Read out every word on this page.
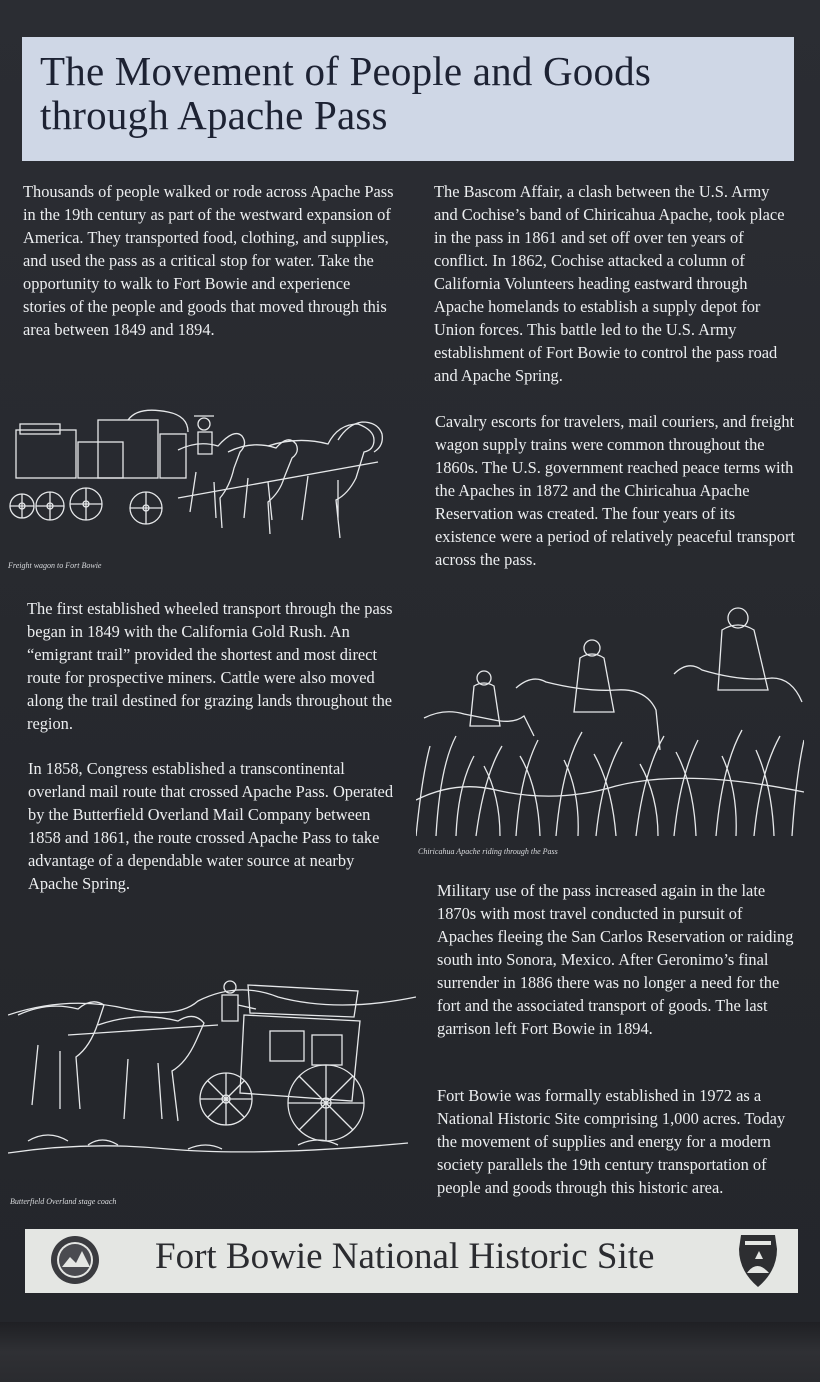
The Movement of People and Goods through Apache Pass

Thousands of people walked or rode across Apache Pass in the 19th century as part of the westward expansion of America. They transported food, clothing, and supplies, and used the pass as a critical stop for water. Take the opportunity to walk to Fort Bowie and experience stories of the people and goods that moved through this area between 1849 and 1894.

Freight wagon to Fort Bowie

The first established wheeled transport through the pass began in 1849 with the California Gold Rush. An “emigrant trail” provided the shortest and most direct route for prospective miners. Cattle were also moved along the trail destined for grazing lands throughout the region.

In 1858, Congress established a transcontinental overland mail route that crossed Apache Pass. Operated by the Butterfield Overland Mail Company between 1858 and 1861, the route crossed Apache Pass to take advantage of a dependable water source at nearby Apache Spring.

Butterfield Overland stage coach

The Bascom Affair, a clash between the U.S. Army and Cochise’s band of Chiricahua Apache, took place in the pass in 1861 and set off over ten years of conflict. In 1862, Cochise attacked a column of California Volunteers heading eastward through Apache homelands to establish a supply depot for Union forces. This battle led to the U.S. Army establishment of Fort Bowie to control the pass road and Apache Spring.

Cavalry escorts for travelers, mail couriers, and freight wagon supply trains were common throughout the 1860s. The U.S. government reached peace terms with the Apaches in 1872 and the Chiricahua Apache Reservation was created. The four years of its existence were a period of relatively peaceful transport across the pass.

Chiricahua Apache riding through the Pass

Military use of the pass increased again in the late 1870s with most travel conducted in pursuit of Apaches fleeing the San Carlos Reservation or raiding south into Sonora, Mexico. After Geronimo’s final surrender in 1886 there was no longer a need for the fort and the associated transport of goods. The last garrison left Fort Bowie in 1894.

Fort Bowie was formally established in 1972 as a National Historic Site comprising 1,000 acres. Today the movement of supplies and energy for a modern society parallels the 19th century transportation of people and goods through this historic area.

Fort Bowie National Historic Site
